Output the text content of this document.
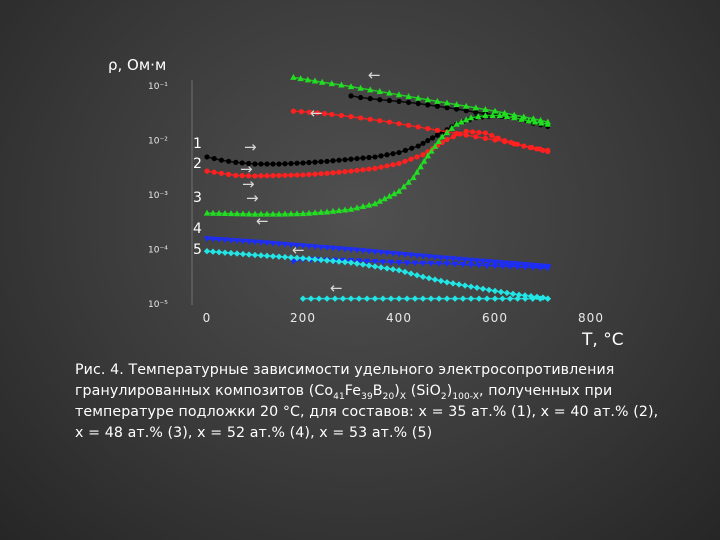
10⁻¹
10⁻²
10⁻³
10⁻⁴
10⁻⁵
0	200	400	600	800
1
2
3
4
5
←
←
→
→
→
→
←
←
←
ρ, Ом·м
T, °C
Рис. 4. Температурные зависимости удельного электросопротивления гранулированных композитов $(Co_{41}Fe_{39}B_{20})_X$ $(SiO_2)_{100-X}$, полученных при температуре подложки 20 °C, для составов: x = 35 ат.% (1), x = 40 ат.% (2), x = 48 ат.% (3), x = 52 ат.% (4), x = 53 ат.% (5)
